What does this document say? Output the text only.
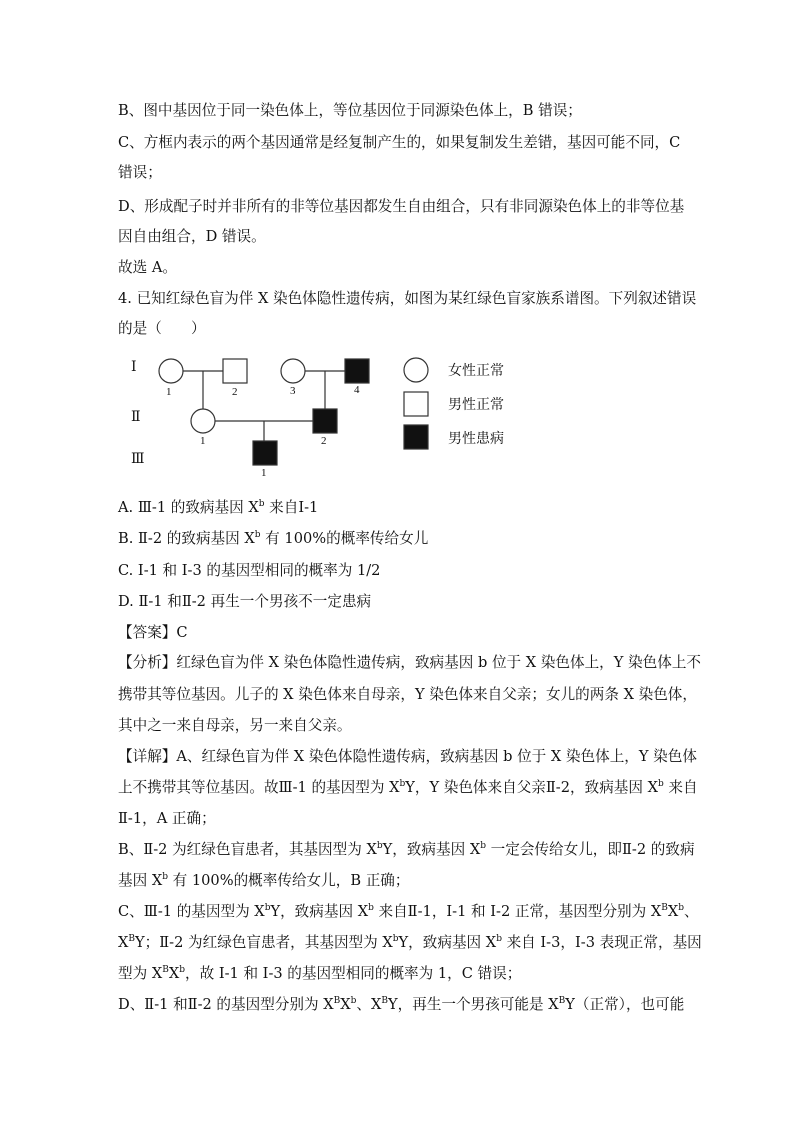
B、图中基因位于同一染色体上，等位基因位于同源染色体上，B 错误；
C、方框内表示的两个基因通常是经复制产生的，如果复制发生差错，基因可能不同，C
错误；
D、形成配子时并非所有的非等位基因都发生自由组合，只有非同源染色体上的非等位基
因自由组合，D 错误。
故选 A。
4. 已知红绿色盲为伴 X 染色体隐性遗传病，如图为某红绿色盲家族系谱图。下列叙述错误
的是（　　）
Ⅰ
Ⅱ
Ⅲ
1	2	3	4
1	2
1
女性正常
男性正常
男性患病
A. Ⅲ-1 的致病基因 $X^b$ 来自Ⅰ-1
B. Ⅱ-2 的致病基因 $X^b$ 有 100%的概率传给女儿
C. I-1 和 I-3 的基因型相同的概率为 1/2
D. Ⅱ-1 和Ⅱ-2 再生一个男孩不一定患病
【答案】C
【分析】红绿色盲为伴 X 染色体隐性遗传病，致病基因 b 位于 X 染色体上，Y 染色体上不
携带其等位基因。儿子的 X 染色体来自母亲，Y 染色体来自父亲；女儿的两条 X 染色体，
其中之一来自母亲，另一来自父亲。
【详解】A、红绿色盲为伴 X 染色体隐性遗传病，致病基因 b 位于 X 染色体上，Y 染色体
上不携带其等位基因。故Ⅲ-1 的基因型为 $X^bY$，Y 染色体来自父亲Ⅱ-2，致病基因 $X^b$ 来自
Ⅱ-1，A 正确；
B、Ⅱ-2 为红绿色盲患者，其基因型为 $X^bY$，致病基因 $X^b$ 一定会传给女儿，即Ⅱ-2 的致病
基因 $X^b$ 有 100%的概率传给女儿，B 正确；
C、Ⅲ-1 的基因型为 $X^bY$，致病基因 $X^b$ 来自Ⅱ-1，I-1 和 I-2 正常，基因型分别为 $X^BX^b$、
$X^BY$；Ⅱ-2 为红绿色盲患者，其基因型为 $X^bY$，致病基因 $X^b$ 来自 I-3，I-3 表现正常，基因
型为 $X^BX^b$，故 I-1 和 I-3 的基因型相同的概率为 1，C 错误；
D、Ⅱ-1 和Ⅱ-2 的基因型分别为 $X^BX^b$、$X^BY$，再生一个男孩可能是 $X^BY$（正常），也可能
